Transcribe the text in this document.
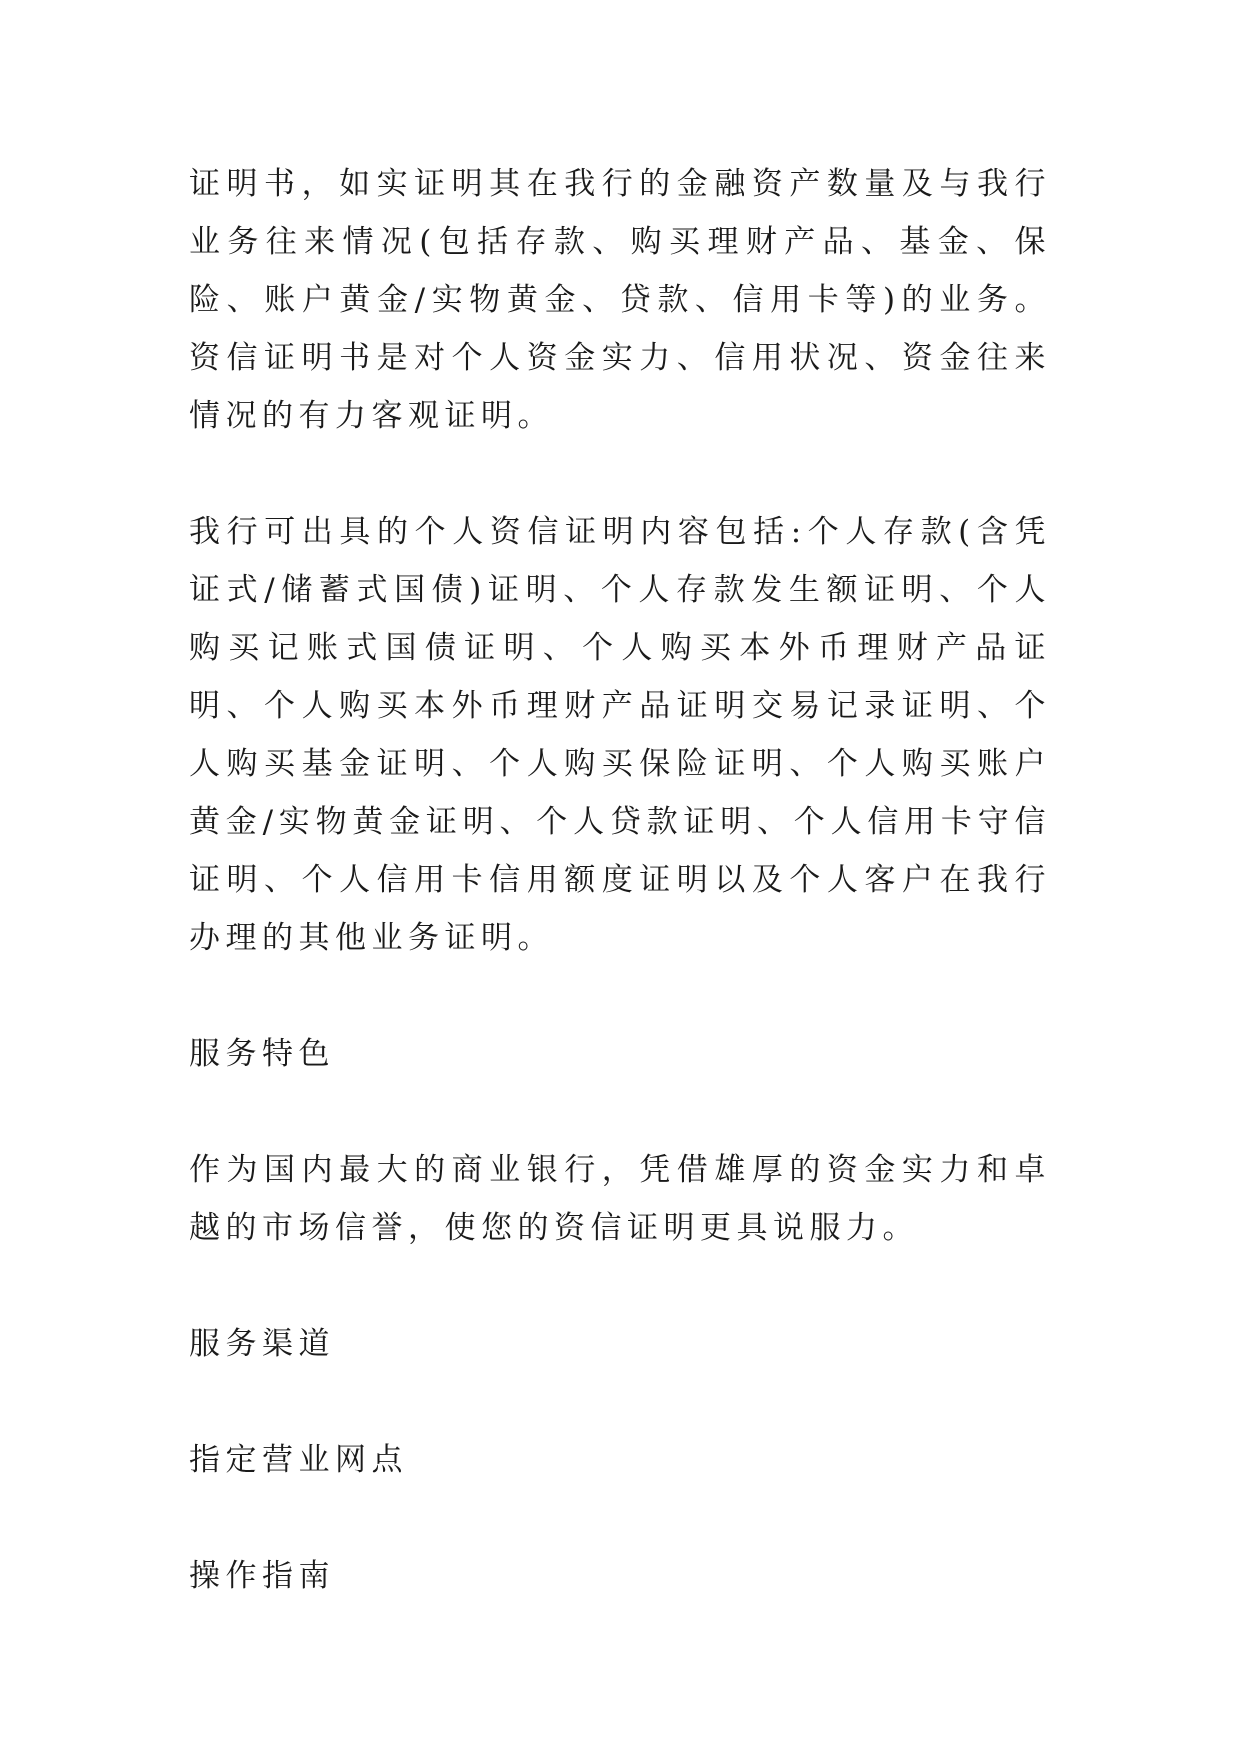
证明书，如实证明其在我行的金融资产数量及与我行业务往来情况(包括存款、购买理财产品、基金、保险、账户黄金/实物黄金、贷款、信用卡等)的业务。资信证明书是对个人资金实力、信用状况、资金往来情况的有力客观证明。

我行可出具的个人资信证明内容包括:个人存款(含凭证式/储蓄式国债)证明、个人存款发生额证明、个人购买记账式国债证明、个人购买本外币理财产品证明、个人购买本外币理财产品证明交易记录证明、个人购买基金证明、个人购买保险证明、个人购买账户黄金/实物黄金证明、个人贷款证明、个人信用卡守信证明、个人信用卡信用额度证明以及个人客户在我行办理的其他业务证明。

服务特色

作为国内最大的商业银行，凭借雄厚的资金实力和卓越的市场信誉，使您的资信证明更具说服力。

服务渠道

指定营业网点

操作指南
